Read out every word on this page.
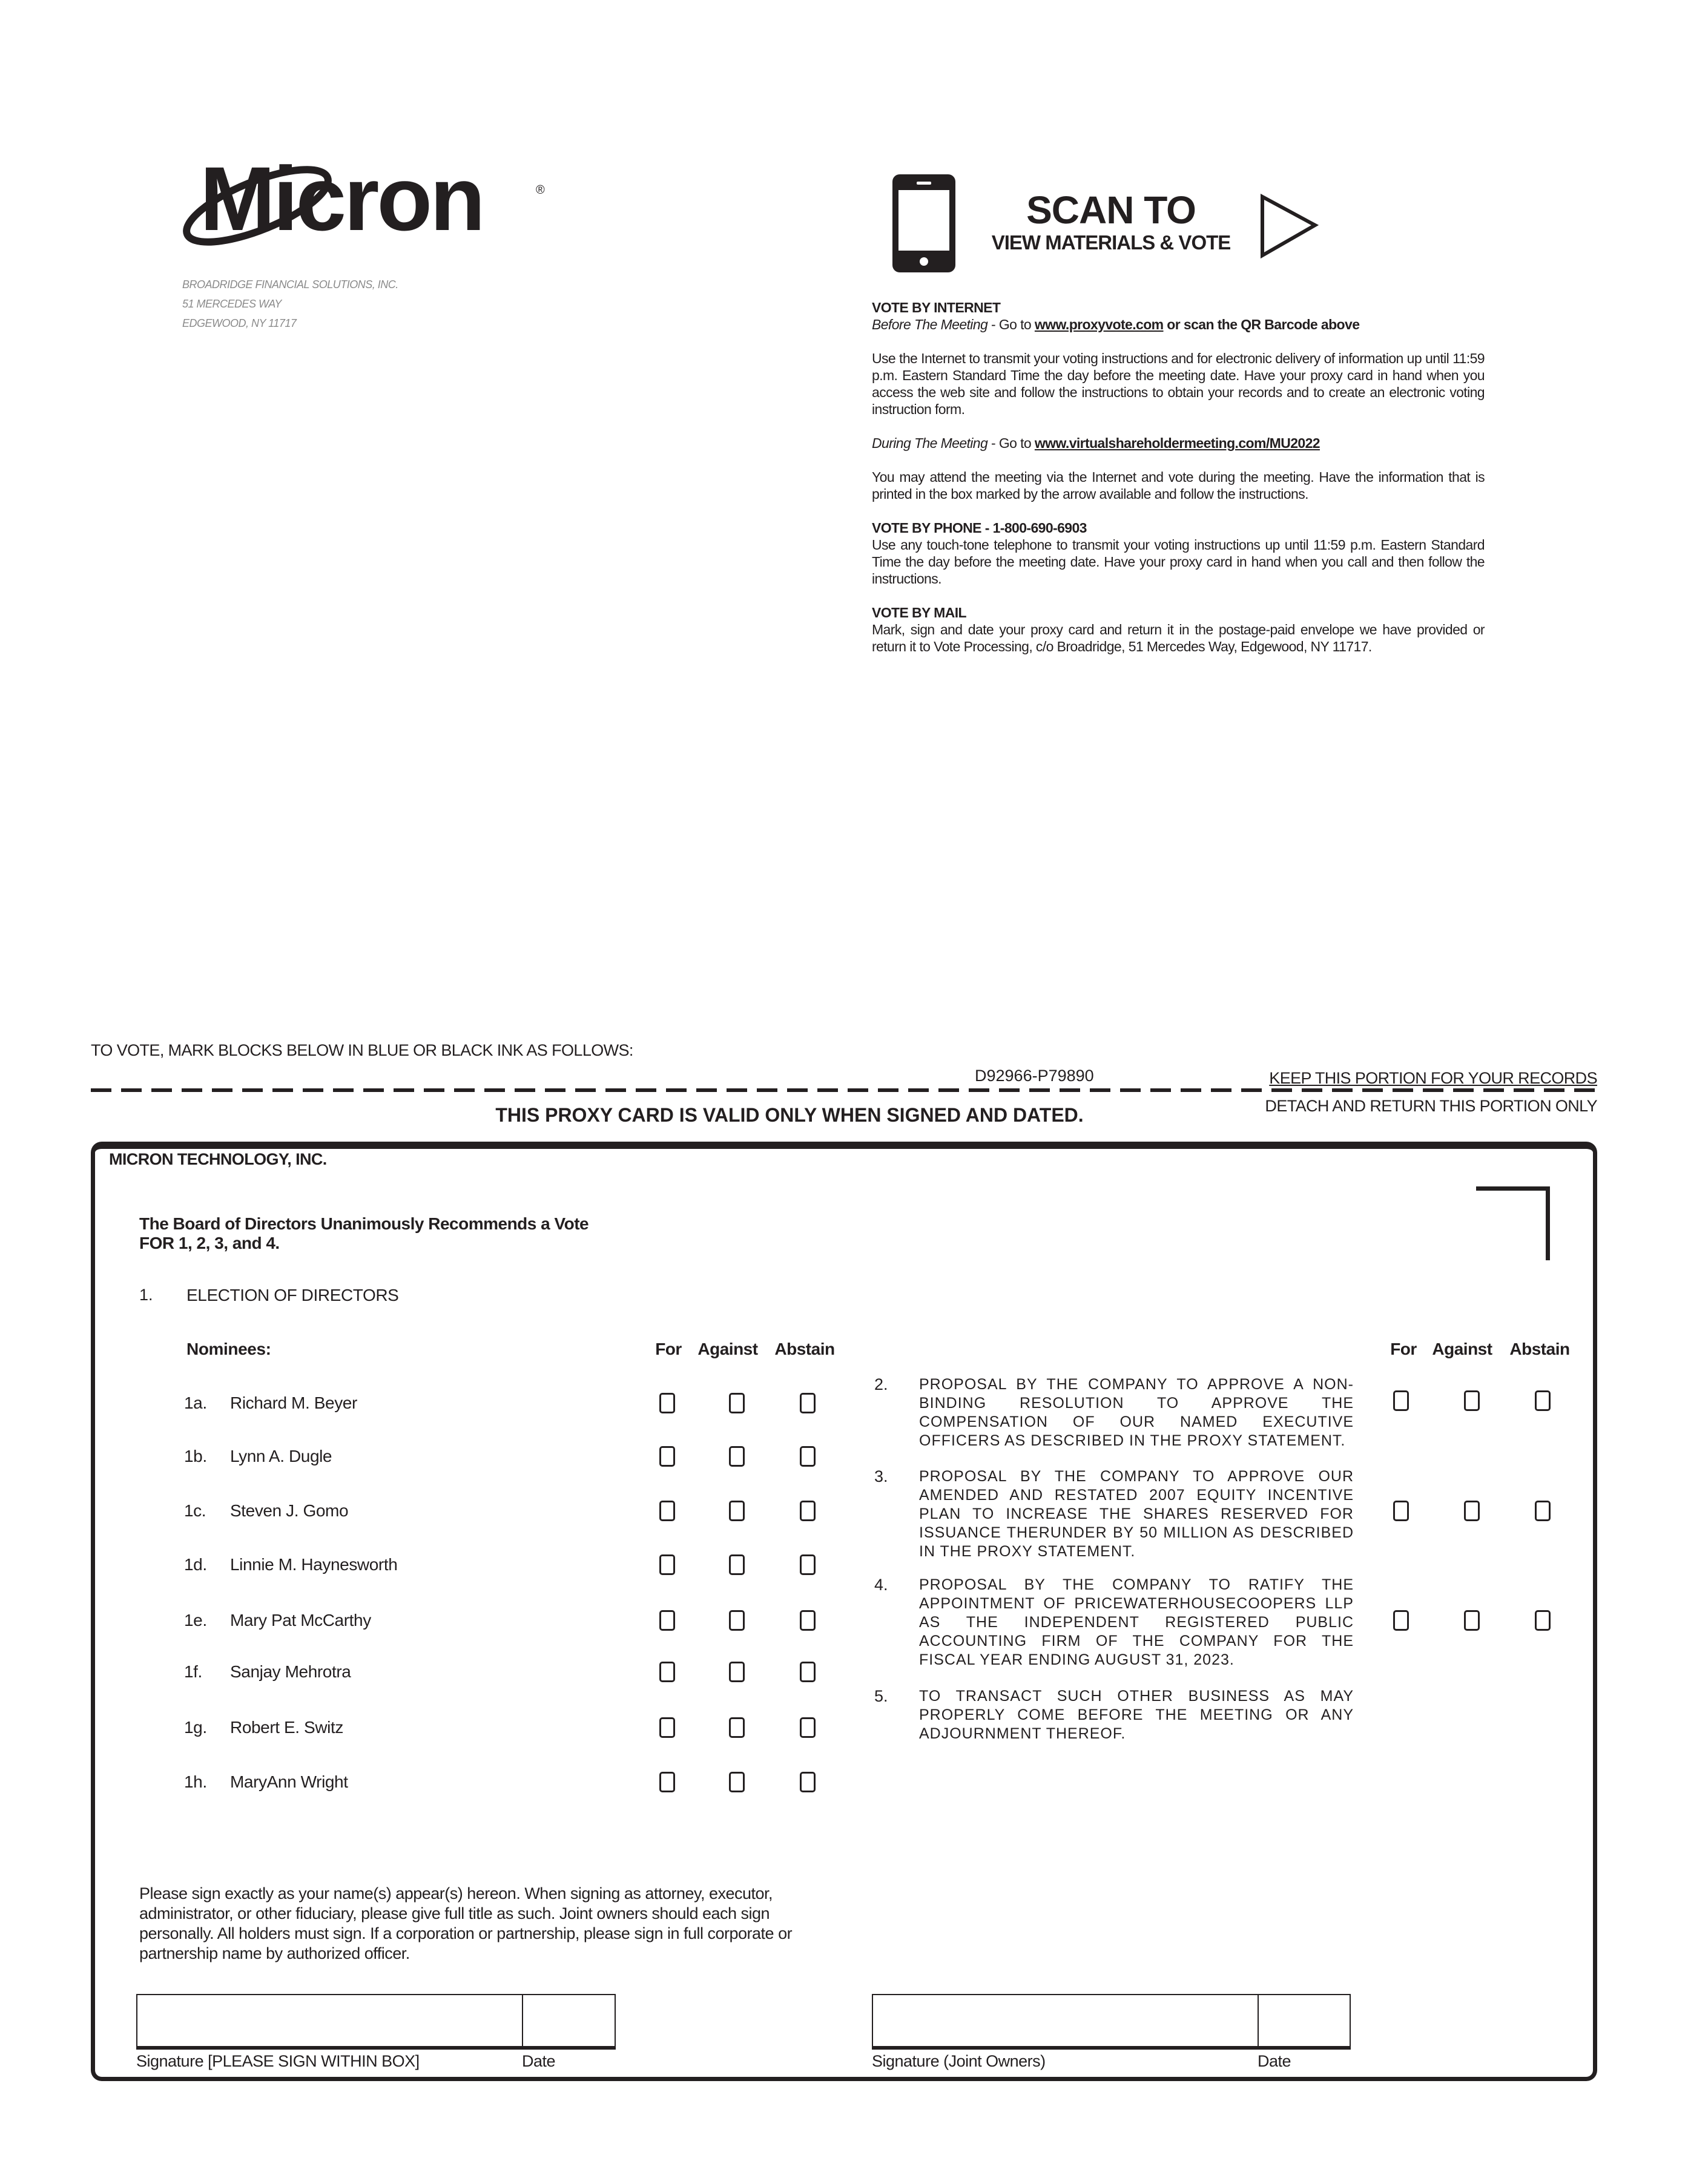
Micron	®
BROADRIDGE FINANCIAL SOLUTIONS, INC.
51 MERCEDES WAY
EDGEWOOD, NY 11717
SCAN TO
VIEW MATERIALS & VOTE

VOTE BY INTERNET
Before The Meeting - Go to www.proxyvote.com or scan the QR Barcode above

Use the Internet to transmit your voting instructions and for electronic delivery of information up until 11:59 p.m. Eastern Standard Time the day before the meeting date. Have your proxy card in hand when you access the web site and follow the instructions to obtain your records and to create an electronic voting instruction form.

During The Meeting - Go to www.virtualshareholdermeeting.com/MU2022

You may attend the meeting via the Internet and vote during the meeting. Have the information that is printed in the box marked by the arrow available and follow the instructions.

VOTE BY PHONE - 1-800-690-6903
Use any touch-tone telephone to transmit your voting instructions up until 11:59 p.m. Eastern Standard Time the day before the meeting date. Have your proxy card in hand when you call and then follow the instructions.

VOTE BY MAIL
Mark, sign and date your proxy card and return it in the postage-paid envelope we have provided or return it to Vote Processing, c/o Broadridge, 51 Mercedes Way, Edgewood, NY 11717.

TO VOTE, MARK BLOCKS BELOW IN BLUE OR BLACK INK AS FOLLOWS:
D92966-P79890	KEEP THIS PORTION FOR YOUR RECORDS
DETACH AND RETURN THIS PORTION ONLY
THIS PROXY CARD IS VALID ONLY WHEN SIGNED AND DATED.
MICRON TECHNOLOGY, INC.
The Board of Directors Unanimously Recommends a Vote
FOR 1, 2, 3, and 4.
1. ELECTION OF DIRECTORS
Nominees:	For Against Abstain	For Against Abstain
1a. Richard M. Beyer
1b. Lynn A. Dugle
1c. Steven J. Gomo
1d. Linnie M. Haynesworth
1e. Mary Pat McCarthy
1f. Sanjay Mehrotra
1g. Robert E. Switz
1h. MaryAnn Wright
2. PROPOSAL BY THE COMPANY TO APPROVE A NON-BINDING RESOLUTION TO APPROVE THE COMPENSATION OF OUR NAMED EXECUTIVE OFFICERS AS DESCRIBED IN THE PROXY STATEMENT.
3. PROPOSAL BY THE COMPANY TO APPROVE OUR AMENDED AND RESTATED 2007 EQUITY INCENTIVE PLAN TO INCREASE THE SHARES RESERVED FOR ISSUANCE THERUNDER BY 50 MILLION AS DESCRIBED IN THE PROXY STATEMENT.
4. PROPOSAL BY THE COMPANY TO RATIFY THE APPOINTMENT OF PRICEWATERHOUSECOOPERS LLP AS THE INDEPENDENT REGISTERED PUBLIC ACCOUNTING FIRM OF THE COMPANY FOR THE FISCAL YEAR ENDING AUGUST 31, 2023.
5. TO TRANSACT SUCH OTHER BUSINESS AS MAY PROPERLY COME BEFORE THE MEETING OR ANY ADJOURNMENT THEREOF.
Please sign exactly as your name(s) appear(s) hereon. When signing as attorney, executor, administrator, or other fiduciary, please give full title as such. Joint owners should each sign personally. All holders must sign. If a corporation or partnership, please sign in full corporate or partnership name by authorized officer.
Signature [PLEASE SIGN WITHIN BOX]	Date	Signature (Joint Owners)	Date
